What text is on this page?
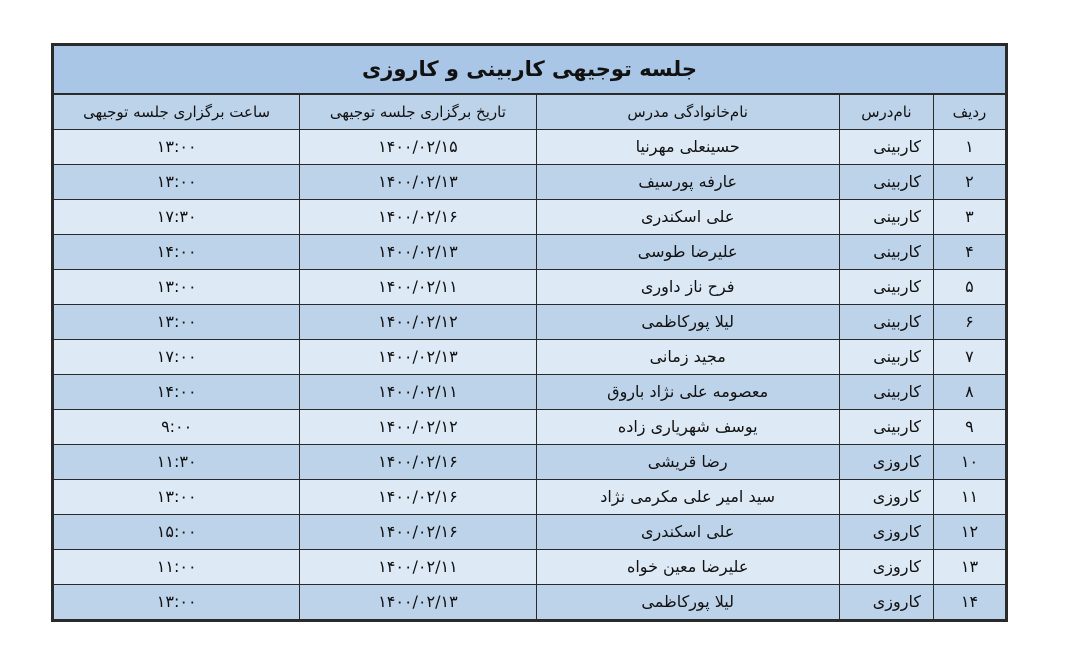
جلسه توجیهی کاربینی و کاروزی				
ردیف	نام‌درس	نام‌خانوادگی مدرس	تاریخ برگزاری جلسه توجیهی	ساعت برگزاری جلسه توجیهی
۱	کاربینی	حسینعلی مهرنیا	۱۴۰۰/۰۲/۱۵	۱۳:۰۰
۲	کاربینی	عارفه پورسیف	۱۴۰۰/۰۲/۱۳	۱۳:۰۰
۳	کاربینی	علی اسکندری	۱۴۰۰/۰۲/۱۶	۱۷:۳۰
۴	کاربینی	علیرضا طوسی	۱۴۰۰/۰۲/۱۳	۱۴:۰۰
۵	کاربینی	فرح ناز داوری	۱۴۰۰/۰۲/۱۱	۱۳:۰۰
۶	کاربینی	لیلا پورکاظمی	۱۴۰۰/۰۲/۱۲	۱۳:۰۰
۷	کاربینی	مجید زمانی	۱۴۰۰/۰۲/۱۳	۱۷:۰۰
۸	کاربینی	معصومه علی نژاد باروق	۱۴۰۰/۰۲/۱۱	۱۴:۰۰
۹	کاربینی	یوسف شهریاری زاده	۱۴۰۰/۰۲/۱۲	۹:۰۰
۱۰	کاروزی	رضا قریشی	۱۴۰۰/۰۲/۱۶	۱۱:۳۰
۱۱	کاروزی	سید امیر علی مکرمی نژاد	۱۴۰۰/۰۲/۱۶	۱۳:۰۰
۱۲	کاروزی	علی اسکندری	۱۴۰۰/۰۲/۱۶	۱۵:۰۰
۱۳	کاروزی	علیرضا معین خواه	۱۴۰۰/۰۲/۱۱	۱۱:۰۰
۱۴	کاروزی	لیلا پورکاظمی	۱۴۰۰/۰۲/۱۳	۱۳:۰۰
